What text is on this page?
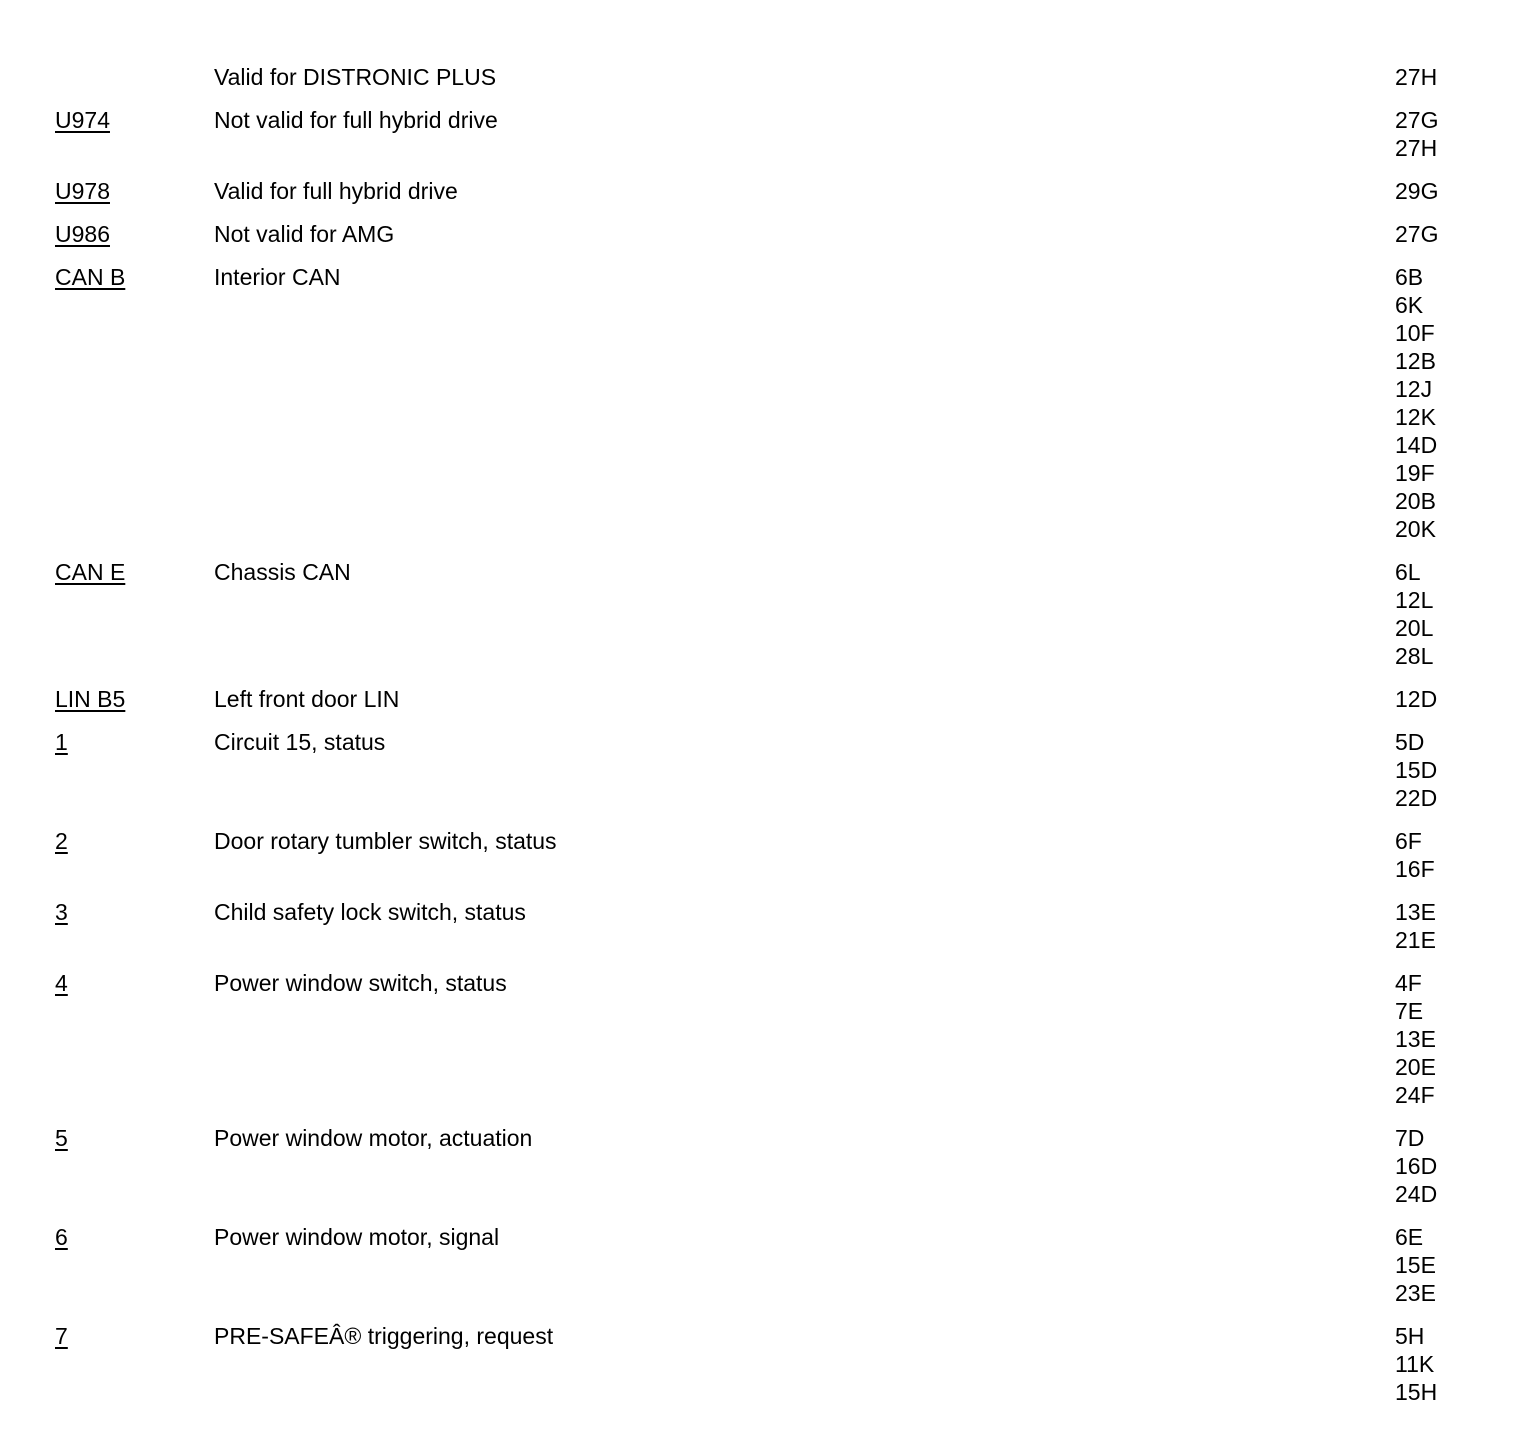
Valid for DISTRONIC PLUS	27H
U974	Not valid for full hybrid drive	27G
27H
U978	Valid for full hybrid drive	29G
U986	Not valid for AMG	27G
CAN B	Interior CAN	6B
6K
10F
12B
12J
12K
14D
19F
20B
20K
CAN E	Chassis CAN	6L
12L
20L
28L
LIN B5	Left front door LIN	12D
1	Circuit 15, status	5D
15D
22D
2	Door rotary tumbler switch, status	6F
16F
3	Child safety lock switch, status	13E
21E
4	Power window switch, status	4F
7E
13E
20E
24F
5	Power window motor, actuation	7D
16D
24D
6	Power window motor, signal	6E
15E
23E
7	PRE-SAFEÂ® triggering, request	5H
11K
15H
